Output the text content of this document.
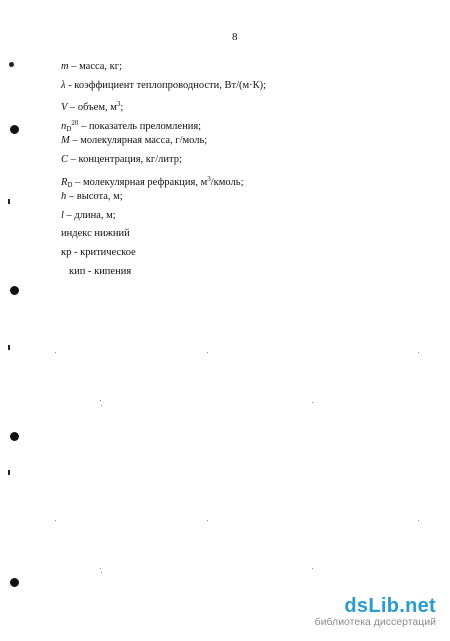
8
m – масса, кг;
λ - коэффициент теплопроводности, Вт/(м·К);
V – объем, $м^3$;
$n_D^{20}$ – показатель преломления;
M – молекулярная масса, г/моль;
C – концентрация, кг/литр;
$R_D$ – молекулярная рефракция, $м^3$/кмоль;
h – высота, м;
l – длина, м;
индекс нижний
кр - критическое
кип - кипения
dsLib.net
библиотека диссертаций
